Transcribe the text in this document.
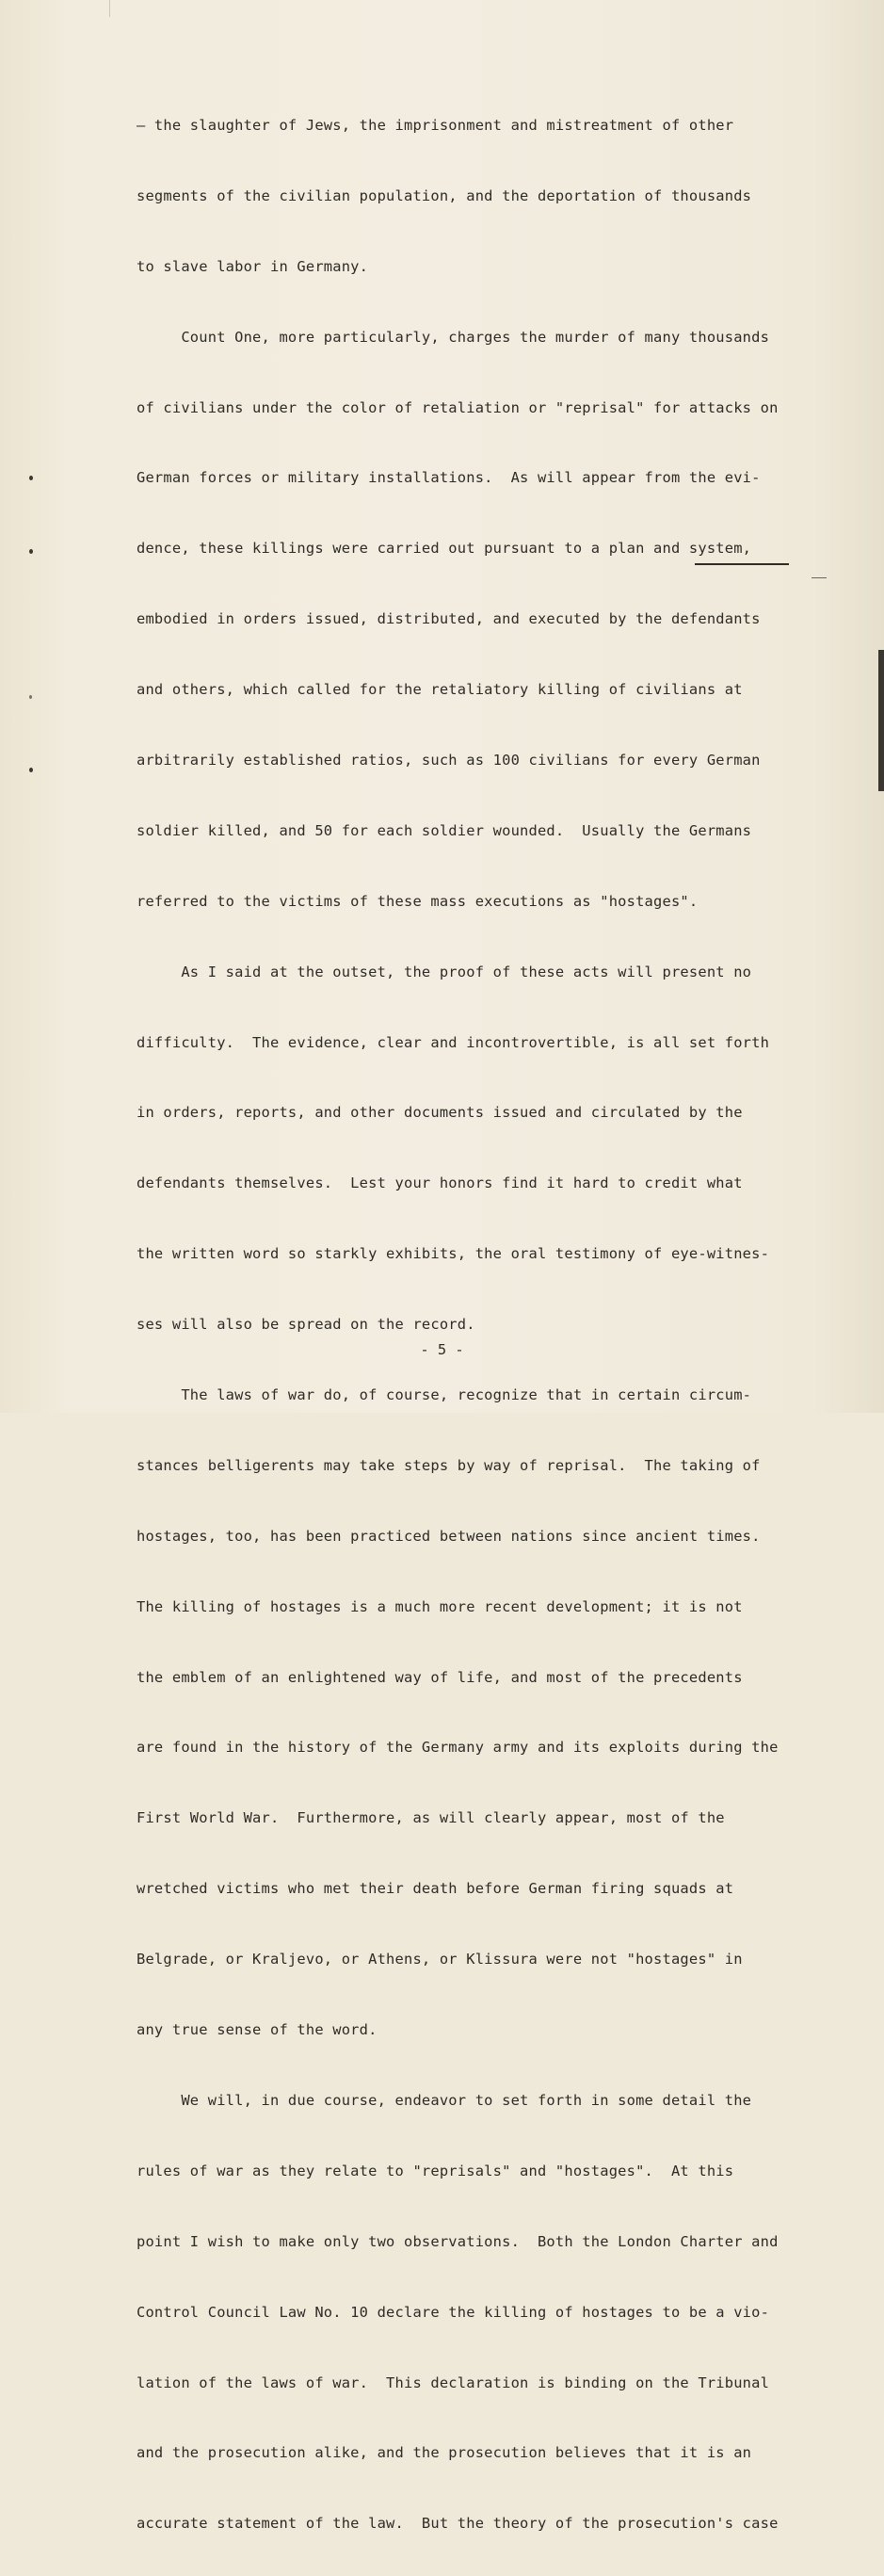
— the slaughter of Jews, the imprisonment and mistreatment of other

segments of the civilian population, and the deportation of thousands

to slave labor in Germany.

Count One, more particularly, charges the murder of many thousands

of civilians under the color of retaliation or "reprisal" for attacks on

German forces or military installations.  As will appear from the evi-

dence, these killings were carried out pursuant to a plan and system,

embodied in orders issued, distributed, and executed by the defendants

and others, which called for the retaliatory killing of civilians at

arbitrarily established ratios, such as 100 civilians for every German

soldier killed, and 50 for each soldier wounded.  Usually the Germans

referred to the victims of these mass executions as "hostages".

As I said at the outset, the proof of these acts will present no

difficulty.  The evidence, clear and incontrovertible, is all set forth

in orders, reports, and other documents issued and circulated by the

defendants themselves.  Lest your honors find it hard to credit what

the written word so starkly exhibits, the oral testimony of eye-witnes-

ses will also be spread on the record.

The laws of war do, of course, recognize that in certain circum-

stances belligerents may take steps by way of reprisal.  The taking of

hostages, too, has been practiced between nations since ancient times.

The killing of hostages is a much more recent development; it is not

the emblem of an enlightened way of life, and most of the precedents

are found in the history of the Germany army and its exploits during the

First World War.  Furthermore, as will clearly appear, most of the

wretched victims who met their death before German firing squads at

Belgrade, or Kraljevo, or Athens, or Klissura were not "hostages" in

any true sense of the word.

We will, in due course, endeavor to set forth in some detail the

rules of war as they relate to "reprisals" and "hostages".  At this

point I wish to make only two observations.  Both the London Charter and

Control Council Law No. 10 declare the killing of hostages to be a vio-

lation of the laws of war.  This declaration is binding on the Tribunal

and the prosecution alike, and the prosecution believes that it is an

accurate statement of the law.  But the theory of the prosecution's case

- 5 -
